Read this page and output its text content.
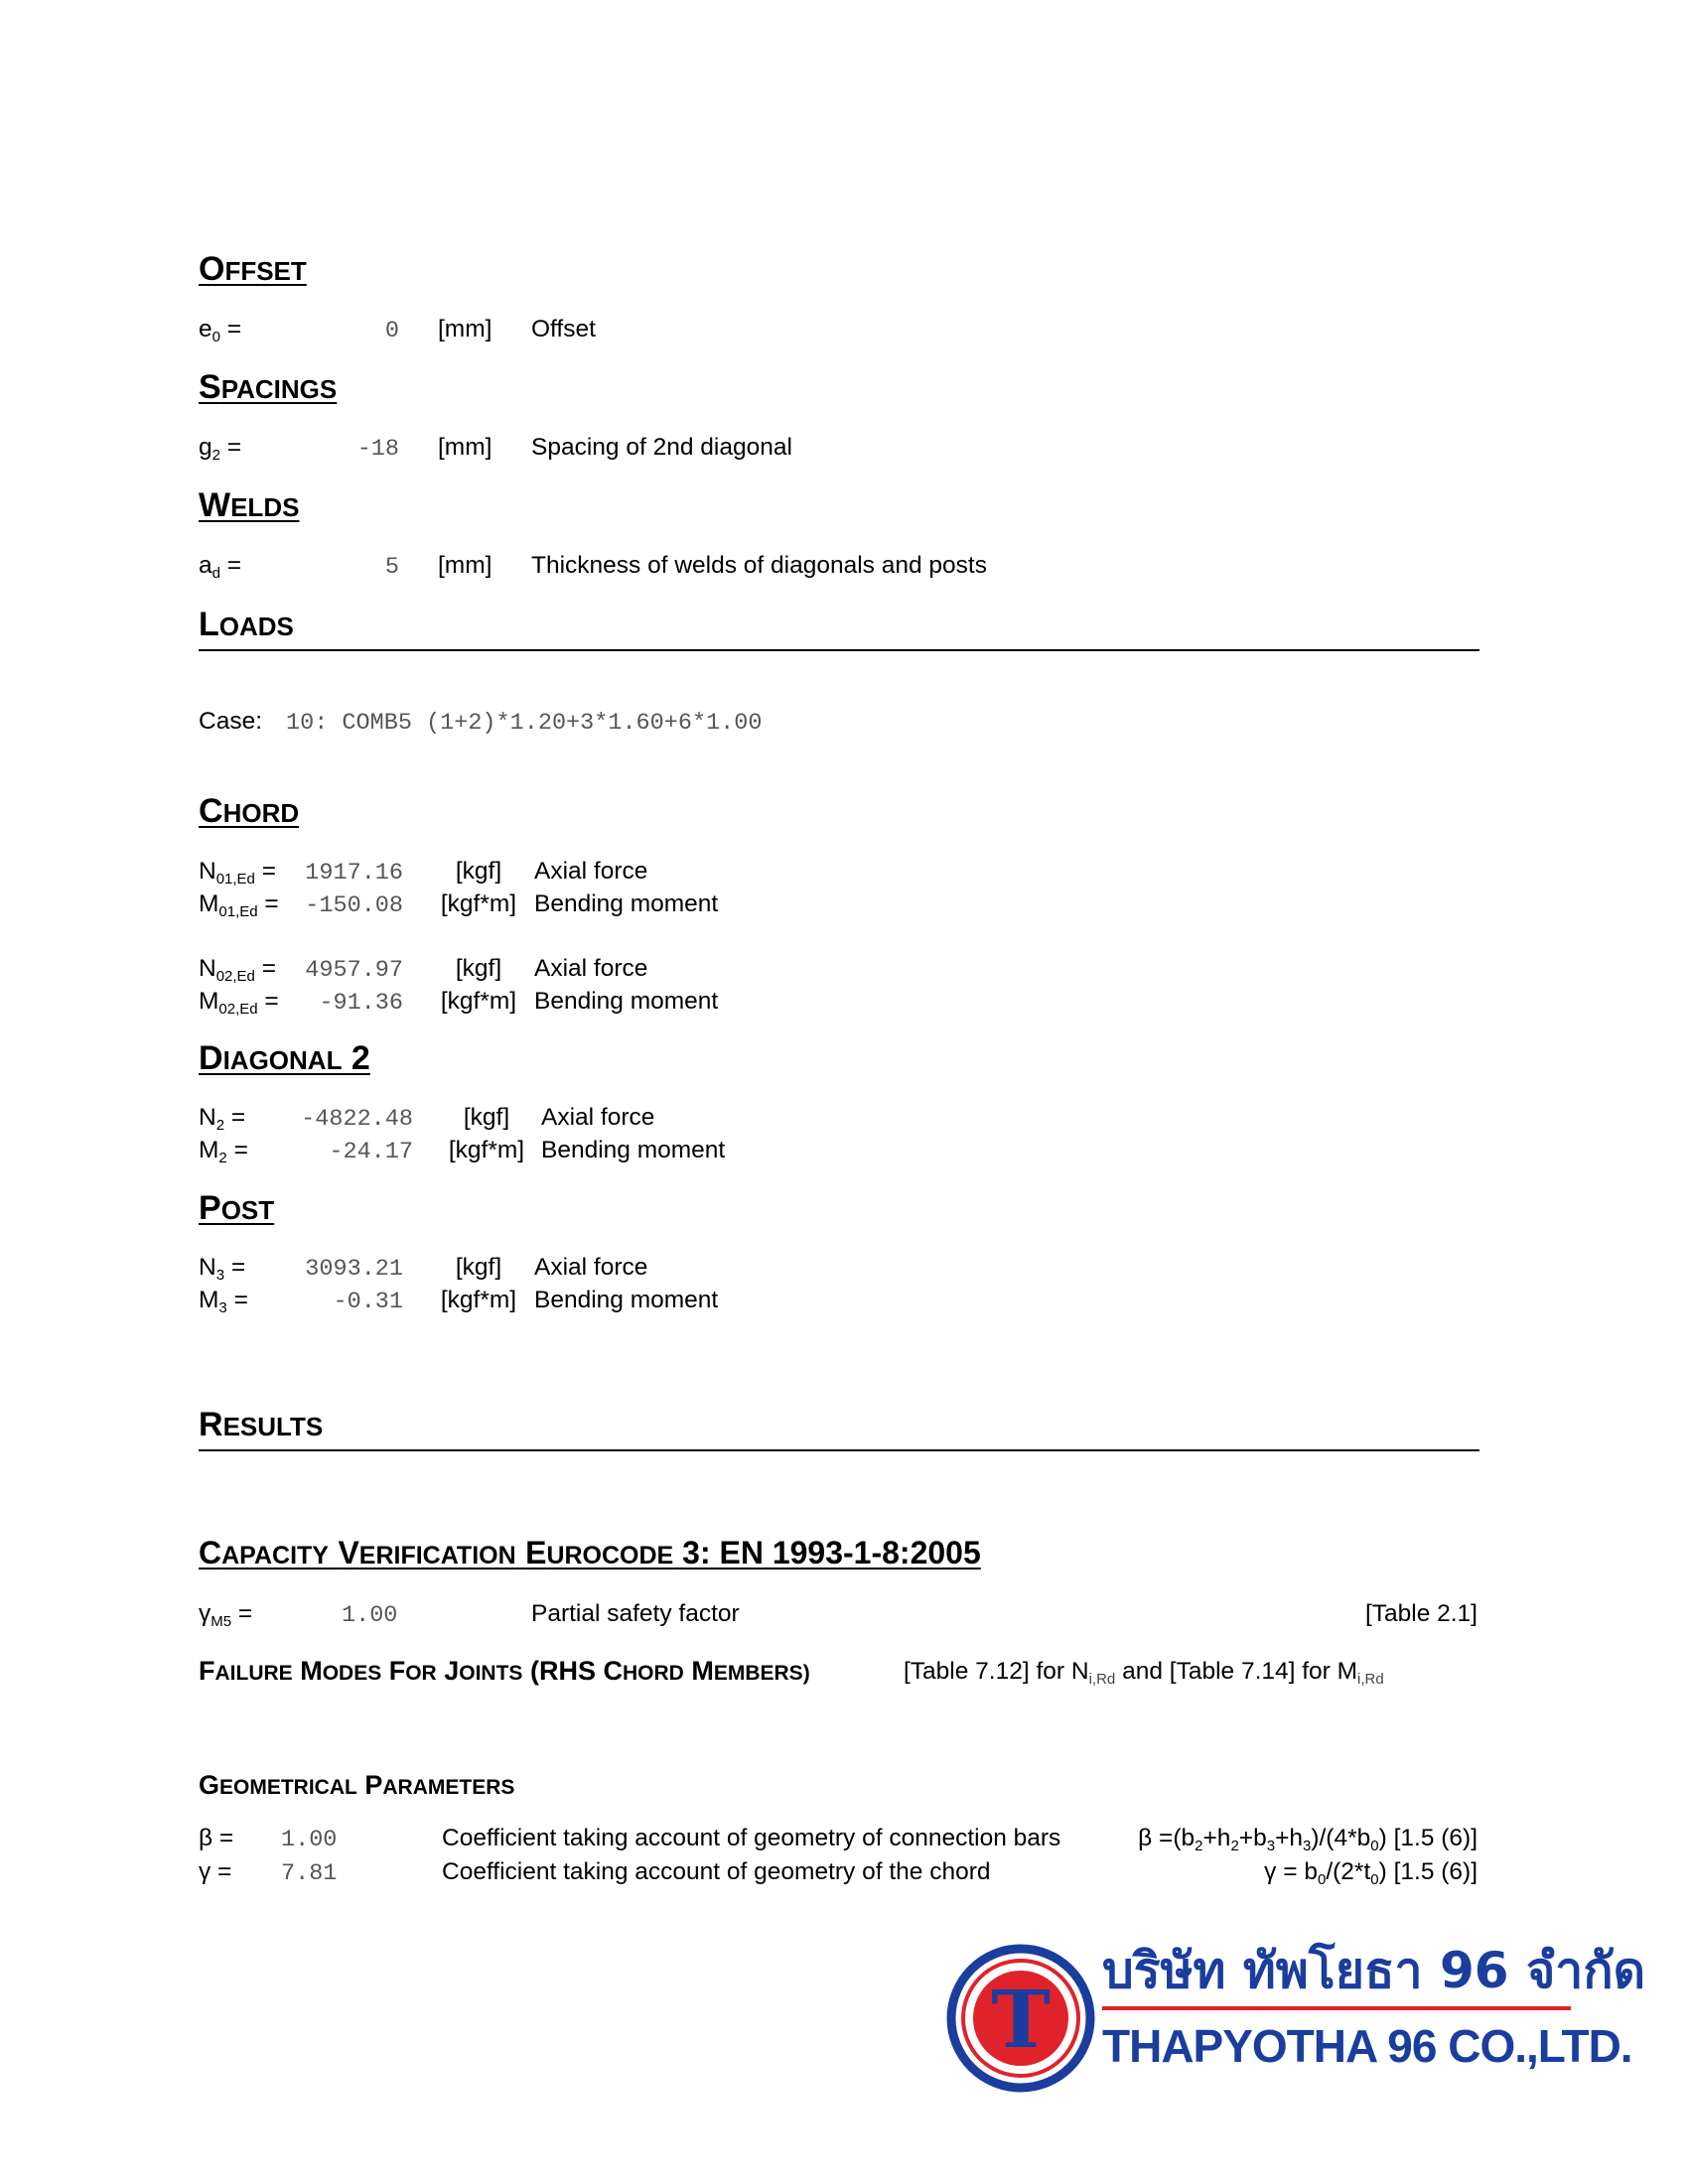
OFFSET
$e_0$ =	0 [mm] Offset
SPACINGS
$g_2$ =	-18 [mm] Spacing of 2nd diagonal
WELDS
$a_d$ =	5 [mm] Thickness of welds of diagonals and posts
LOADS
Case: 10: COMB5 (1+2)*1.20+3*1.60+6*1.00
CHORD
$N_{01,Ed}$ =	1917.16	[kgf]	Axial force
$M_{01,Ed}$ =	-150.08	[kgf*m] Bending moment
$N_{02,Ed}$ =	4957.97	[kgf]	Axial force
$M_{02,Ed}$ =	-91.36	[kgf*m] Bending moment
DIAGONAL 2
$N_2$ =	-4822.48	[kgf]	Axial force
$M_2$ =	-24.17	[kgf*m] Bending moment
POST
$N_3$ =	3093.21	[kgf]	Axial force
$M_3$ =	-0.31	[kgf*m] Bending moment
RESULTS
CAPACITY VERIFICATION EUROCODE 3: EN 1993-1-8:2005
$\gamma_{M5}$ =	1.00	Partial safety factor	[Table 2.1]
FAILURE MODES FOR JOINTS (RHS CHORD MEMBERS)	[Table 7.12] for $N_{i,Rd}$ and [Table 7.14] for $M_{i,Rd}$
GEOMETRICAL PARAMETERS
β = 1.00	Coefficient taking account of geometry of connection bars	$\beta =(b_2+h_2+b_3+h_3)/(4*b_0)$ [1.5 (6)]
γ = 7.81	Coefficient taking account of geometry of the chord	$\gamma = b_0/(2*t_0)$ [1.5 (6)]
T
บริษัท ทัพโยธา 96 จำกัด
THAPYOTHA 96 CO.,LTD.
